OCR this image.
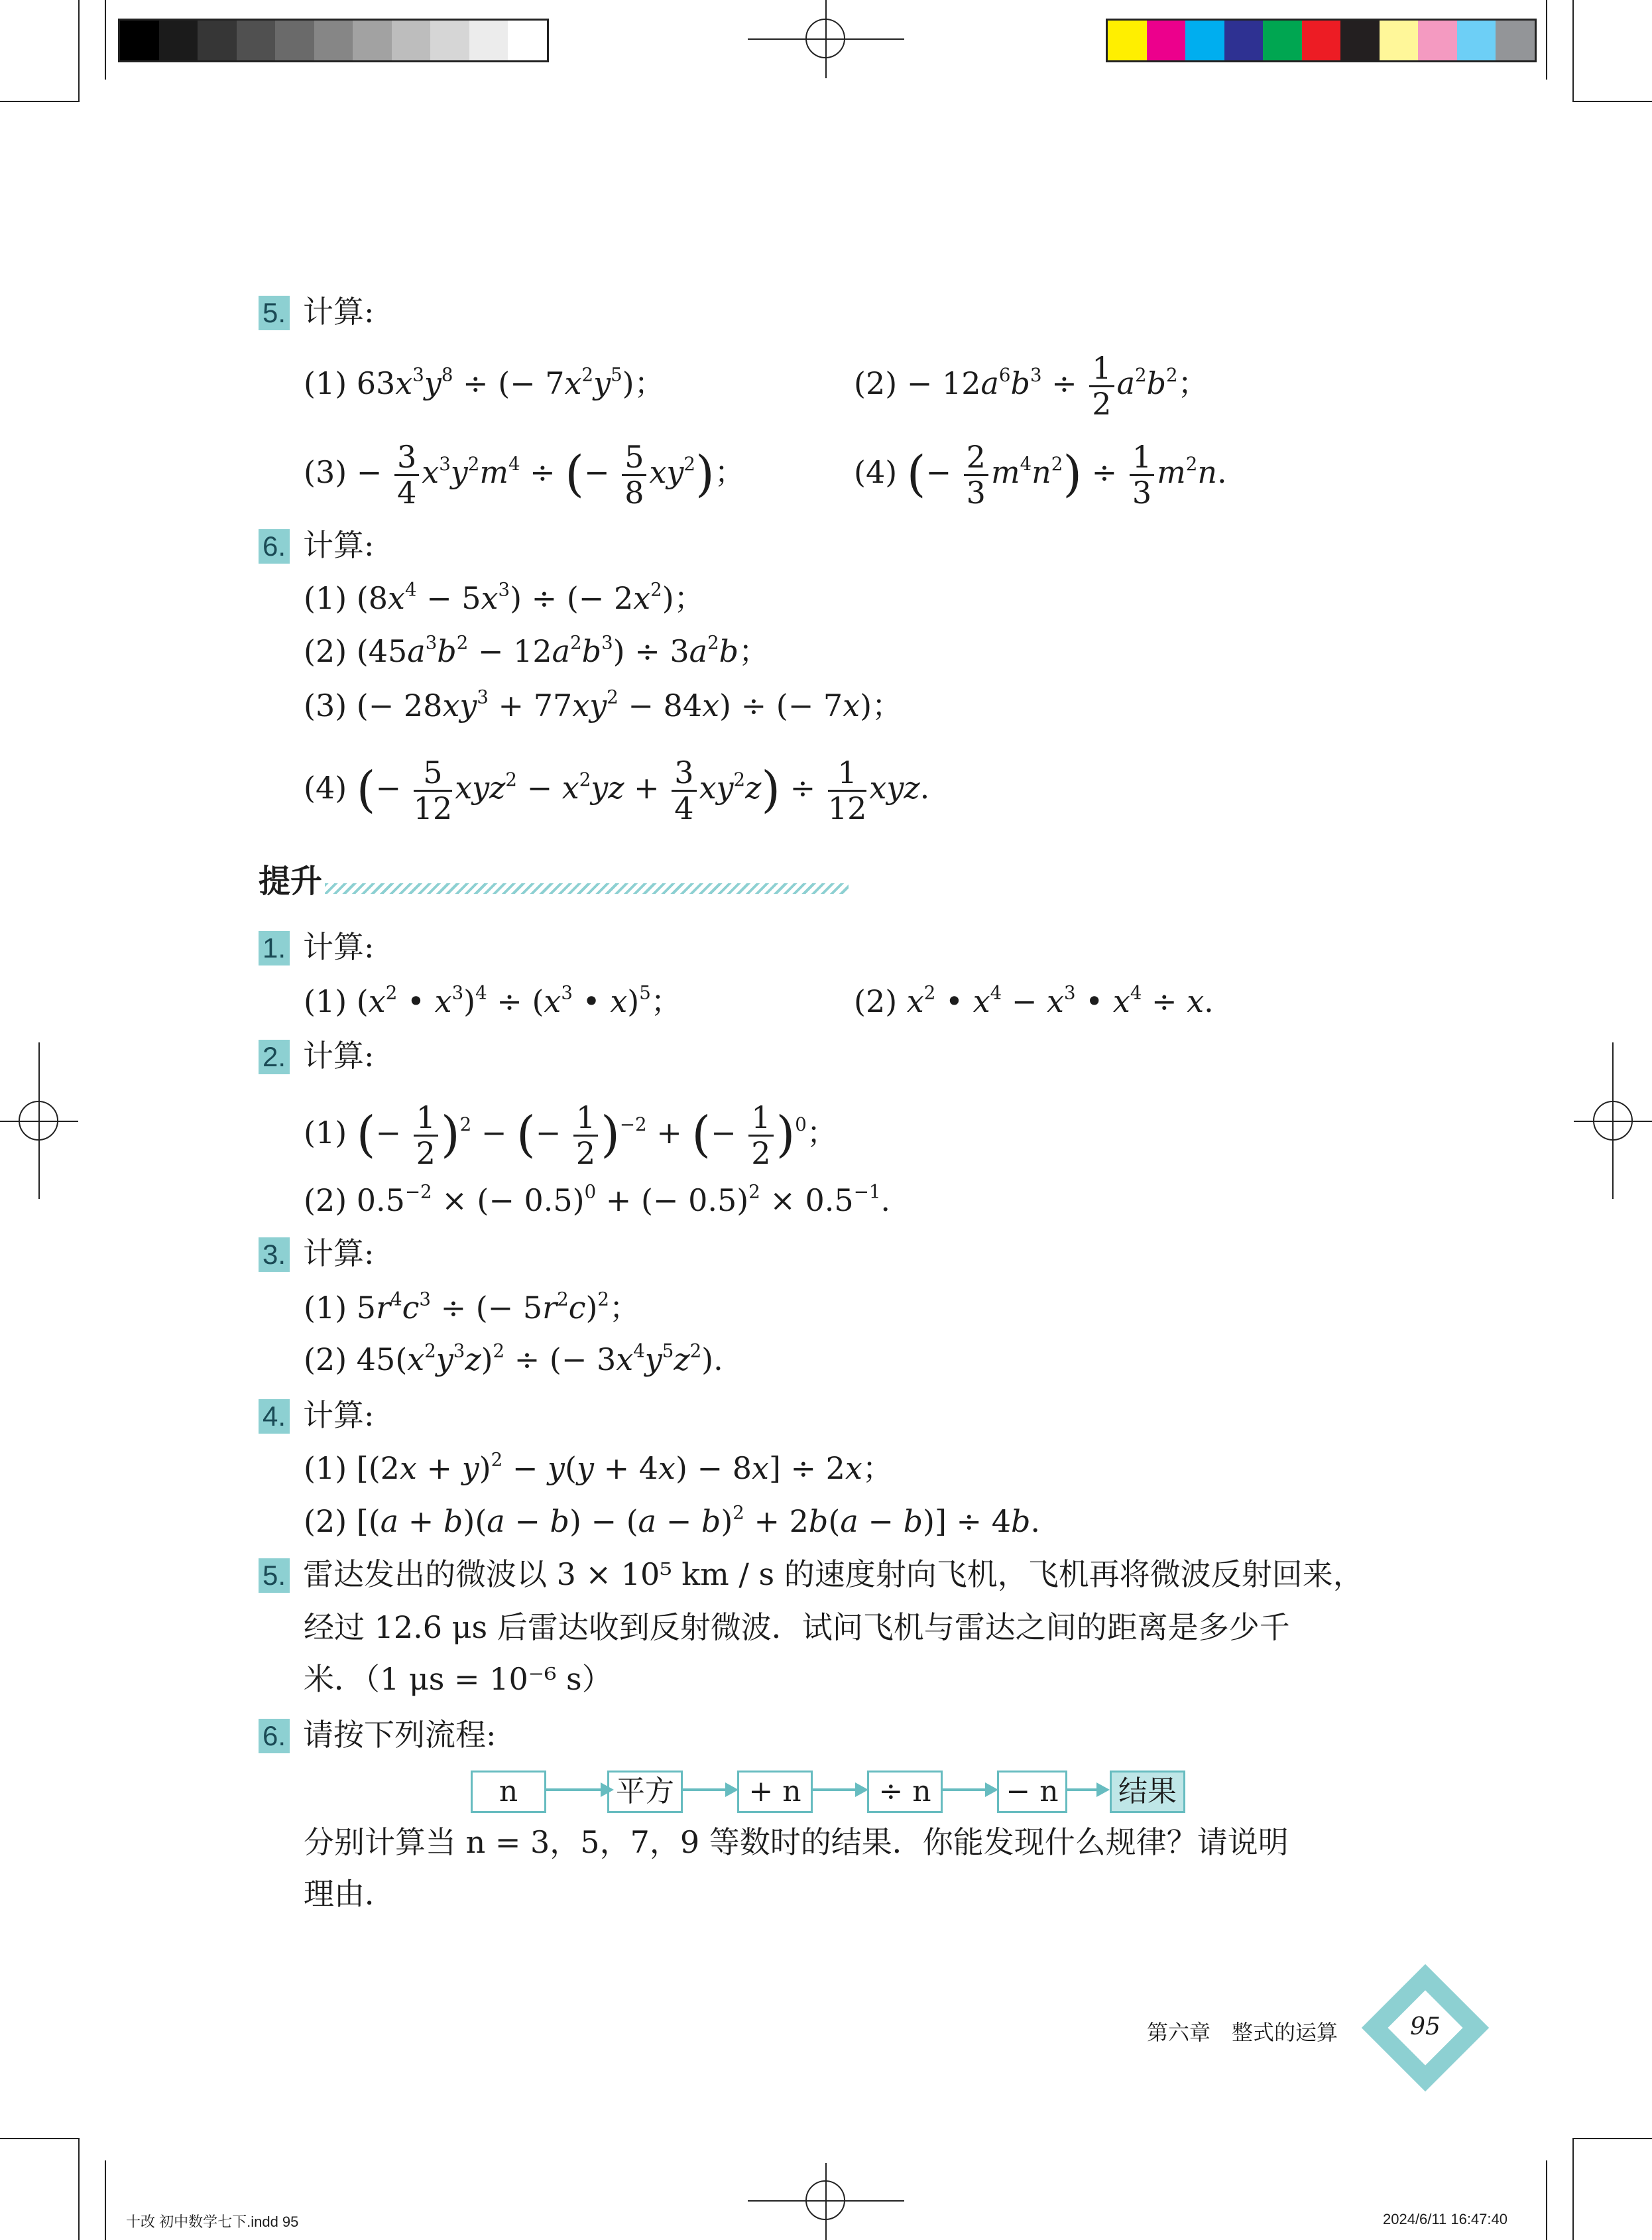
5. 计算:
(1) $63x^3y^8$ ÷ (− $7x^2y^5$)；	$(2) - 12a^6b^3 \div \frac{1}{2} a^2b^2$；
$(3) - \frac{3}{4} x^3y^2m^4$ ÷ (− $\frac{5}{8} xy^2$)；	(4) (− $\frac{2}{3} m^4n^2) \div \frac{1}{3} m^2n$.
6. 计算:
(1) $(8x^4 - 5x^3)$ ÷ (− $2x^2$)；
(2) $(45a^3b^2 - 12a^2b^3) \div 3a^2b$；
(3) (− $28xy^3 + 77xy^2 - 84x$) ÷ (− 7x)；
(4) (− $\frac{5}{12} xyz^2 - x^2yz + \frac{3}{4} xy^2z) \div \frac{1}{12}$ xyz.
提升
1. 计算:
(1) ($x^2$ • $x^3)^4 \div (x^3$ • x)$^5$；	(2) $x^2$ • $x^4 - x^3$ • $x^4 \div x$.
2. 计算:
(1) (− $\frac{1}{2} )^2$ − (− $\frac{1}{2} )^{-2}$ + (− $\frac{1}{2} )^0$；
(2) $0.5^{-2}$ × (− 0.5)$^0$ + (− $0.5)^2 \times 0.5^{-1}$.
3. 计算:
(1) $5r^4c^3$ ÷ (− $5r^2c)^2$；
(2) $45(x^2y^3z)^2$ ÷ (− $3x^4y^5z^2$).
4. 计算:
(1) $[(2x + y)^2 - y(y + 4x) - 8x] \div 2x$；
(2) $[(a + b)(a - b) - (a - b)^2 + 2b(a - b)] \div 4b$.
5. 雷达发出的微波以 3 × 10⁵ km / s 的速度射向飞机，飞机再将微波反射回来，
经过 12.6 μs 后雷达收到反射微波．试问飞机与雷达之间的距离是多少千
米．（1 μs = 10⁻⁶ s）
6. 请按下列流程:
n	平方	+ n	÷ n	− n	结果
分别计算当 n = 3，5，7，9 等数时的结果．你能发现什么规律？请说明
理由．
第六章　整式的运算	95
十改 初中数学七下.indd 95	2024/6/11 16:47:40
